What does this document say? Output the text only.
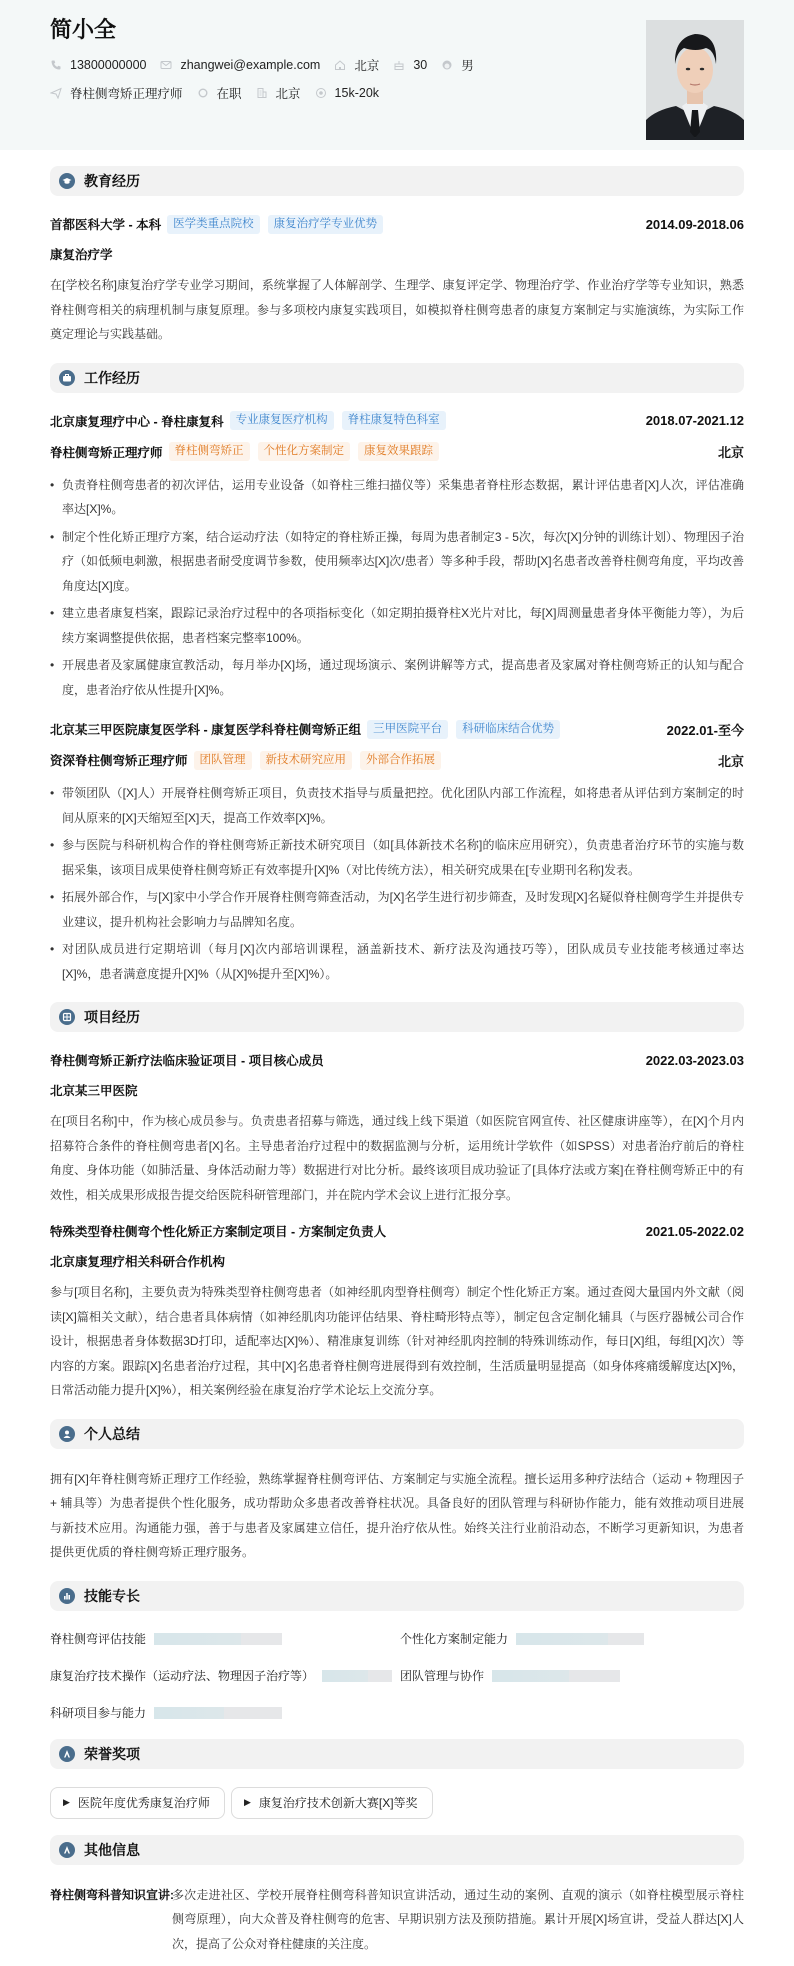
简小全
13800000000	zhangwei@example.com	北京	30	男
脊柱侧弯矫正理疗师	在职	北京	15k-20k
教育经历
首都医科大学 - 本科	医学类重点院校	康复治疗学专业优势	2014.09-2018.06
康复治疗学
在[学校名称]康复治疗学专业学习期间，系统掌握了人体解剖学、生理学、康复评定学、物理治疗学、作业治疗学等专业知识，熟悉脊柱侧弯相关的病理机制与康复原理。参与多项校内康复实践项目，如模拟脊柱侧弯患者的康复方案制定与实施演练，为实际工作奠定理论与实践基础。
工作经历
北京康复理疗中心 - 脊柱康复科	专业康复医疗机构	脊柱康复特色科室	2018.07-2021.12
脊柱侧弯矫正理疗师	脊柱侧弯矫正	个性化方案制定	康复效果跟踪	北京
• 负责脊柱侧弯患者的初次评估，运用专业设备（如脊柱三维扫描仪等）采集患者脊柱形态数据，累计评估患者[X]人次，评估准确率达[X]%。
• 制定个性化矫正理疗方案，结合运动疗法（如特定的脊柱矫正操，每周为患者制定3 - 5次，每次[X]分钟的训练计划）、物理因子治疗（如低频电刺激，根据患者耐受度调节参数，使用频率达[X]次/患者）等多种手段，帮助[X]名患者改善脊柱侧弯角度，平均改善角度达[X]度。
• 建立患者康复档案，跟踪记录治疗过程中的各项指标变化（如定期拍摄脊柱X光片对比，每[X]周测量患者身体平衡能力等），为后续方案调整提供依据，患者档案完整率100%。
• 开展患者及家属健康宣教活动，每月举办[X]场，通过现场演示、案例讲解等方式，提高患者及家属对脊柱侧弯矫正的认知与配合度，患者治疗依从性提升[X]%。
北京某三甲医院康复医学科 - 康复医学科脊柱侧弯矫正组	三甲医院平台	科研临床结合优势	2022.01-至今
资深脊柱侧弯矫正理疗师	团队管理	新技术研究应用	外部合作拓展	北京
• 带领团队（[X]人）开展脊柱侧弯矫正项目，负责技术指导与质量把控。优化团队内部工作流程，如将患者从评估到方案制定的时间从原来的[X]天缩短至[X]天，提高工作效率[X]%。
• 参与医院与科研机构合作的脊柱侧弯矫正新技术研究项目（如[具体新技术名称]的临床应用研究），负责患者治疗环节的实施与数据采集，该项目成果使脊柱侧弯矫正有效率提升[X]%（对比传统方法），相关研究成果在[专业期刊名称]发表。
• 拓展外部合作，与[X]家中小学合作开展脊柱侧弯筛查活动，为[X]名学生进行初步筛查，及时发现[X]名疑似脊柱侧弯学生并提供专业建议，提升机构社会影响力与品牌知名度。
• 对团队成员进行定期培训（每月[X]次内部培训课程，涵盖新技术、新疗法及沟通技巧等），团队成员专业技能考核通过率达[X]%，患者满意度提升[X]%（从[X]%提升至[X]%）。
项目经历
脊柱侧弯矫正新疗法临床验证项目 - 项目核心成员	2022.03-2023.03
北京某三甲医院
在[项目名称]中，作为核心成员参与。负责患者招募与筛选，通过线上线下渠道（如医院官网宣传、社区健康讲座等），在[X]个月内招募符合条件的脊柱侧弯患者[X]名。主导患者治疗过程中的数据监测与分析，运用统计学软件（如SPSS）对患者治疗前后的脊柱角度、身体功能（如肺活量、身体活动耐力等）数据进行对比分析。最终该项目成功验证了[具体疗法或方案]在脊柱侧弯矫正中的有效性，相关成果形成报告提交给医院科研管理部门，并在院内学术会议上进行汇报分享。
特殊类型脊柱侧弯个性化矫正方案制定项目 - 方案制定负责人	2021.05-2022.02
北京康复理疗相关科研合作机构
参与[项目名称]，主要负责为特殊类型脊柱侧弯患者（如神经肌肉型脊柱侧弯）制定个性化矫正方案。通过查阅大量国内外文献（阅读[X]篇相关文献），结合患者具体病情（如神经肌肉功能评估结果、脊柱畸形特点等），制定包含定制化辅具（与医疗器械公司合作设计，根据患者身体数据3D打印，适配率达[X]%）、精准康复训练（针对神经肌肉控制的特殊训练动作，每日[X]组，每组[X]次）等内容的方案。跟踪[X]名患者治疗过程，其中[X]名患者脊柱侧弯进展得到有效控制，生活质量明显提高（如身体疼痛缓解度达[X]%，日常活动能力提升[X]%），相关案例经验在康复治疗学术论坛上交流分享。
个人总结
拥有[X]年脊柱侧弯矫正理疗工作经验，熟练掌握脊柱侧弯评估、方案制定与实施全流程。擅长运用多种疗法结合（运动 + 物理因子 + 辅具等）为患者提供个性化服务，成功帮助众多患者改善脊柱状况。具备良好的团队管理与科研协作能力，能有效推动项目进展与新技术应用。沟通能力强，善于与患者及家属建立信任，提升治疗依从性。始终关注行业前沿动态，不断学习更新知识，为患者提供更优质的脊柱侧弯矫正理疗服务。
技能专长
脊柱侧弯评估技能	个性化方案制定能力
康复治疗技术操作（运动疗法、物理因子治疗等）	团队管理与协作
科研项目参与能力
荣誉奖项
▶ 医院年度优秀康复治疗师	▶ 康复治疗技术创新大赛[X]等奖
其他信息
脊柱侧弯科普知识宣讲:
多次走进社区、学校开展脊柱侧弯科普知识宣讲活动，通过生动的案例、直观的演示（如脊柱模型展示脊柱侧弯原理），向大众普及脊柱侧弯的危害、早期识别方法及预防措施。累计开展[X]场宣讲，受益人群达[X]人次，提高了公众对脊柱健康的关注度。
